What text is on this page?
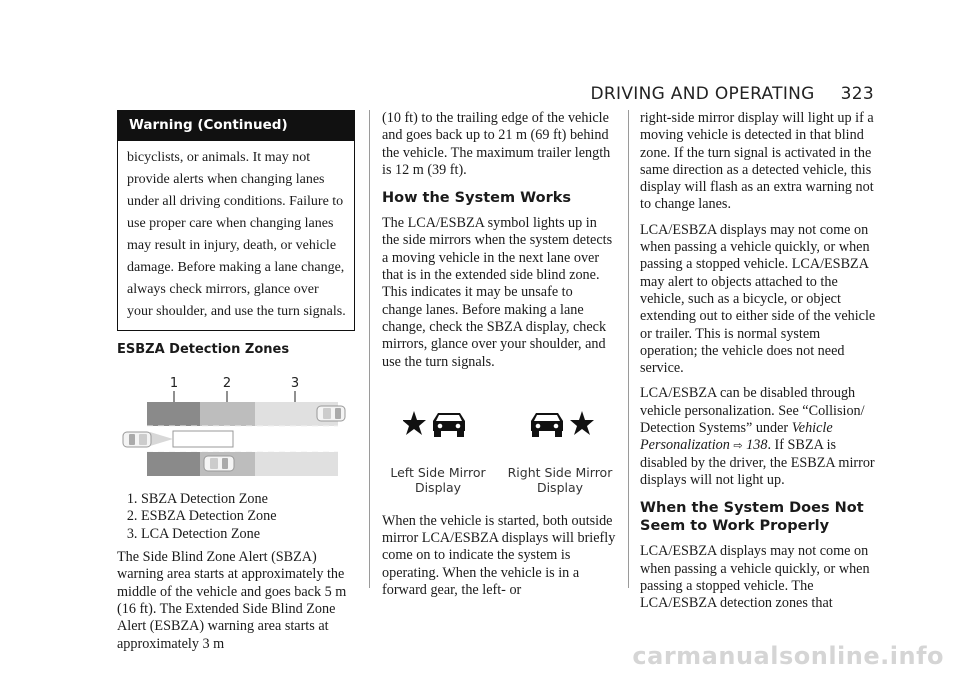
DRIVING AND OPERATING 323
Warning (Continued)
bicyclists, or animals. It may not provide alerts when changing lanes under all driving conditions. Failure to use proper care when changing lanes may result in injury, death, or vehicle damage. Before making a lane change, always check mirrors, glance over your shoulder, and use the turn signals.
ESBZA Detection Zones
1	2	3
1. SBZA Detection Zone
2. ESBZA Detection Zone
3. LCA Detection Zone

The Side Blind Zone Alert (SBZA) warning area starts at approximately the middle of the vehicle and goes back 5 m (16 ft). The Extended Side Blind Zone Alert (ESBZA) warning area starts at approximately 3 m

(10 ft) to the trailing edge of the vehicle and goes back up to 21 m (69 ft) behind the vehicle. The maximum trailer length is 12 m (39 ft).

How the System Works

The LCA/ESBZA symbol lights up in the side mirrors when the system detects a moving vehicle in the next lane over that is in the extended side blind zone. This indicates it may be unsafe to change lanes. Before making a lane change, check the SBZA display, check mirrors, glance over your shoulder, and use the turn signals.

Left Side Mirror Display
Right Side Mirror Display

When the vehicle is started, both outside mirror LCA/ESBZA displays will briefly come on to indicate the system is operating. When the vehicle is in a forward gear, the left- or

right-side mirror display will light up if a moving vehicle is detected in that blind zone. If the turn signal is activated in the same direction as a detected vehicle, this display will flash as an extra warning not to change lanes.

LCA/ESBZA displays may not come on when passing a vehicle quickly, or when passing a stopped vehicle. LCA/ESBZA may alert to objects attached to the vehicle, such as a bicycle, or object extending out to either side of the vehicle or trailer. This is normal system operation; the vehicle does not need service.

LCA/ESBZA can be disabled through vehicle personalization. See “Collision/ Detection Systems” under Vehicle Personalization ⇨ 138. If SBZA is disabled by the driver, the ESBZA mirror displays will not light up.

When the System Does Not Seem to Work Properly

LCA/ESBZA displays may not come on when passing a vehicle quickly, or when passing a stopped vehicle. The LCA/ESBZA detection zones that

carmanualsonline.info
